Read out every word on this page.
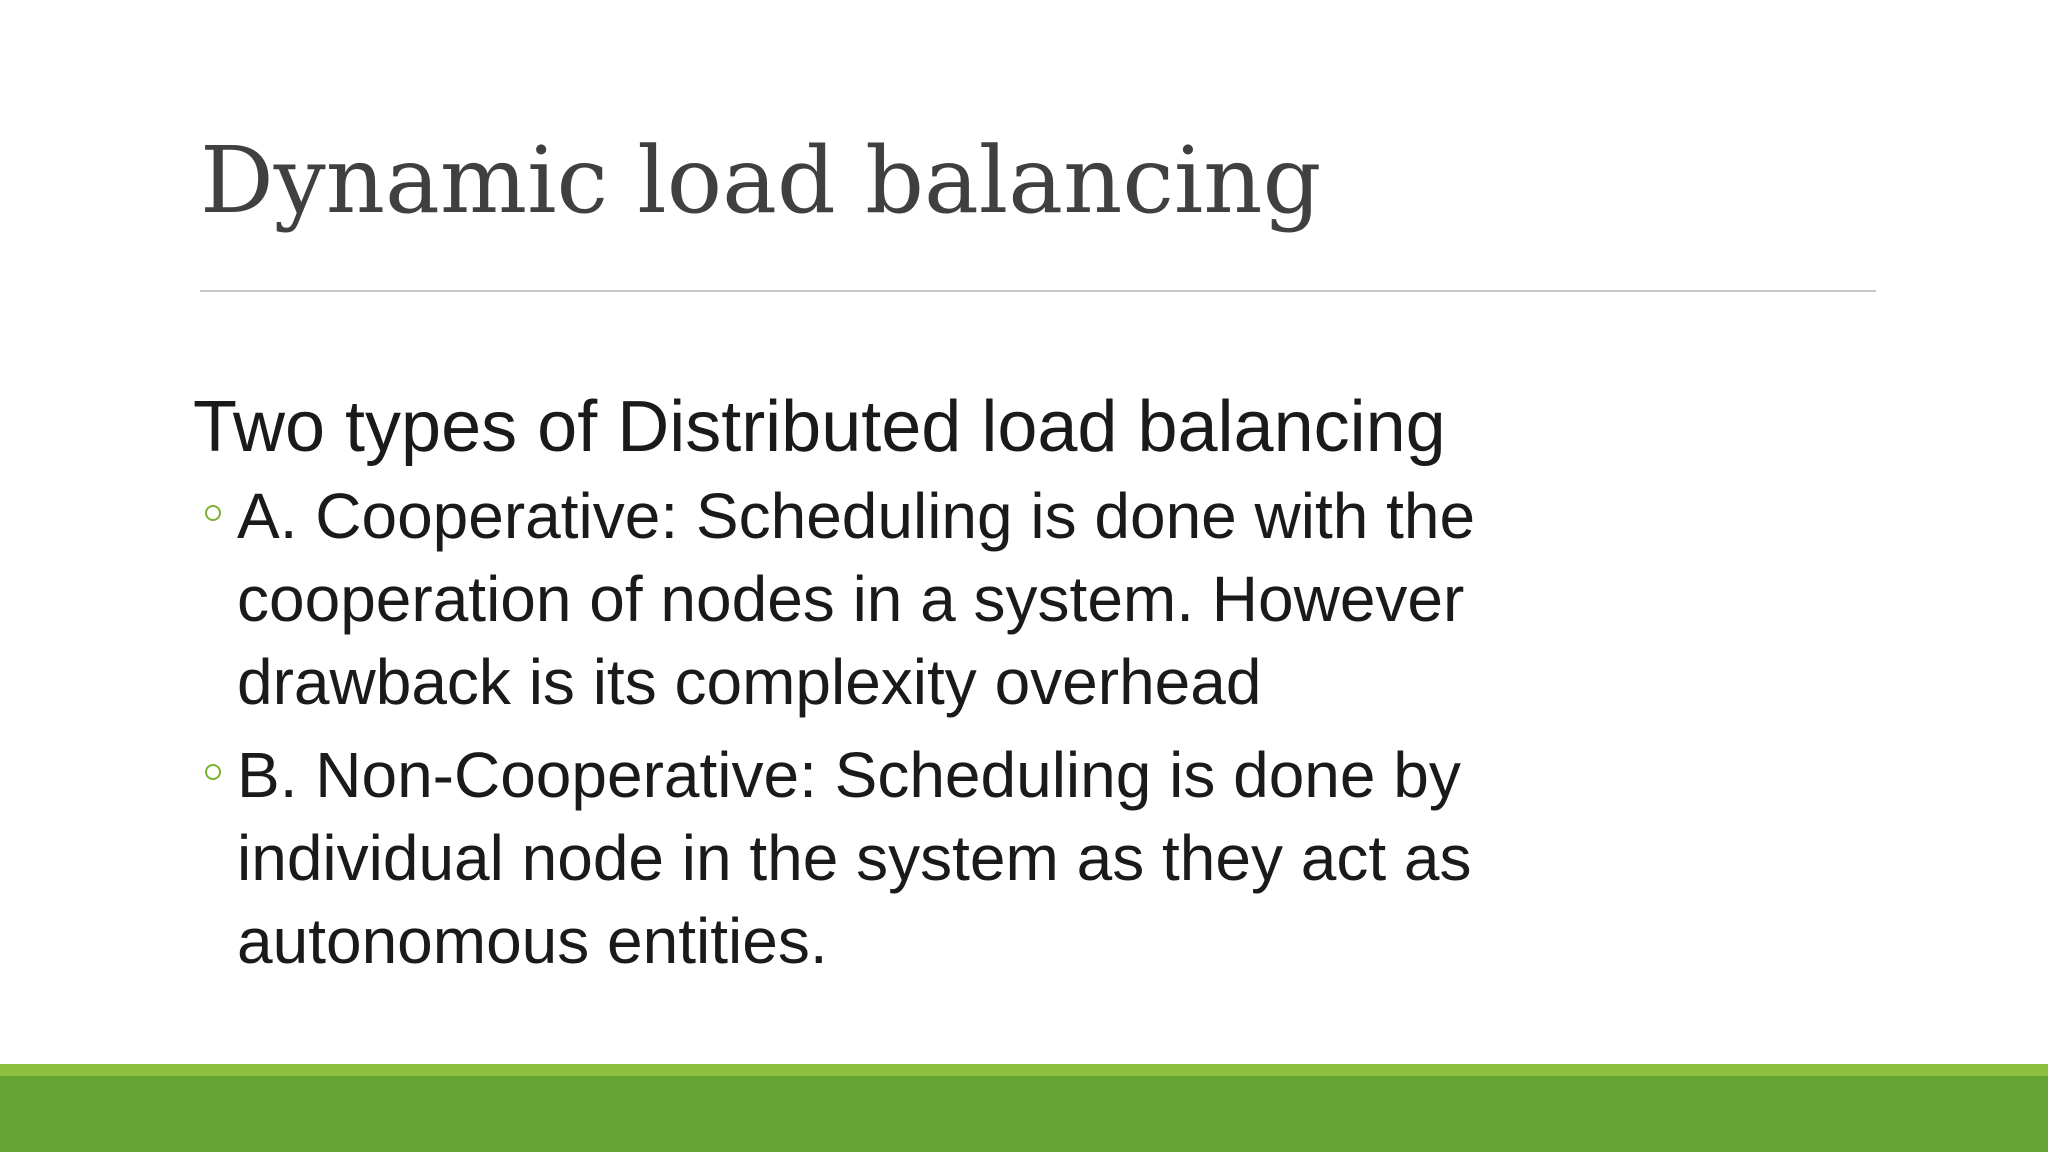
Dynamic load balancing
Two types of Distributed load balancing
A. Cooperative: Scheduling is done with the cooperation of nodes in a system. However drawback is its complexity overhead
B. Non-Cooperative: Scheduling is done by individual node in the system as they act as autonomous entities.
